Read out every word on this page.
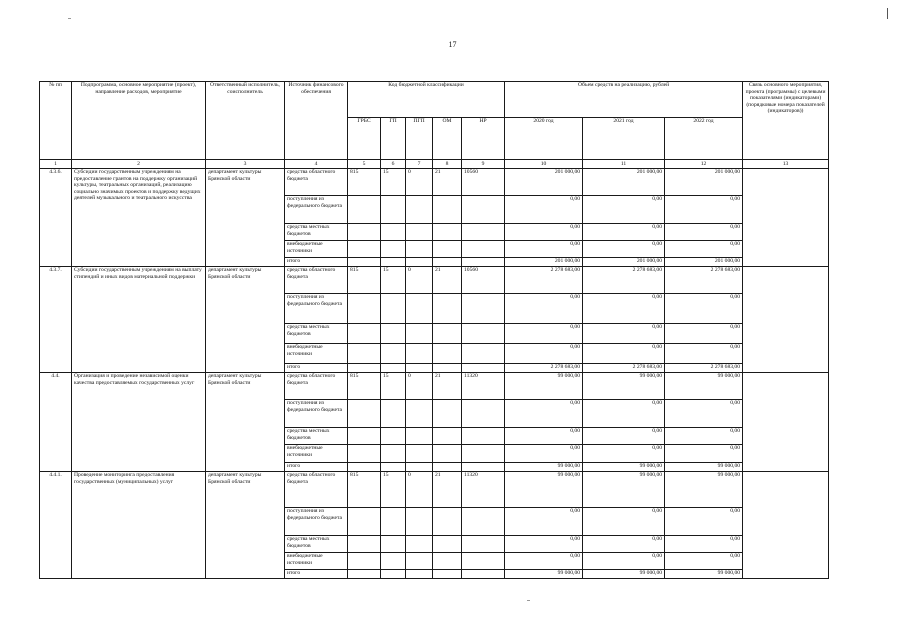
17
№ пп	Подпрограмма, основное мероприятие (проект), направление расходов, мероприятие	Ответственный исполнитель, соисполнитель	Источник финансового обеспечения	Код бюджетной классификации					Объем средств на реализацию, рублей			Связь основного мероприятия, проекта (программы) с целевыми показателями (индикаторами) (порядковые номера показателей (индикаторов))
				ГРБС	ГП	ПГП	ОМ	НР	2020 год	2021 год	2022 год	
1	2	3	4	5	6	7	8	9	10	11	12	13
4.3.6.	Субсидии государственным учреждениям на предоставление грантов на поддержку организаций культуры, театральных организаций, реализацию социально значимых проектов и поддержку ведущих деятелей музыкального и театрального искусства	департамент культуры Брянской области	средства областного бюджета	815	15	0	21	10560	201 000,00	201 000,00	201 000,00	
			поступления из федерального бюджета						0,00	0,00	0,00	
			средства местных бюджетов						0,00	0,00	0,00	
			внебюджетные источники						0,00	0,00	0,00	
			итого						201 000,00	201 000,00	201 000,00	
4.3.7.	Субсидии государственным учреждениям на выплату стипендий и иных видов материальной поддержки	департамент культуры Брянской области	средства областного бюджета	815	15	0	21	10560	2 278 683,00	2 278 683,00	2 278 683,00	
			поступления из федерального бюджета						0,00	0,00	0,00	
			средства местных бюджетов						0,00	0,00	0,00	
			внебюджетные источники						0,00	0,00	0,00	
			итого						2 278 683,00	2 278 683,00	2 278 683,00	
4.4.	Организация и проведение независимой оценки качества предоставляемых государственных услуг	департамент культуры Брянской области	средства областного бюджета	815	15	0	21	11320	99 000,00	99 000,00	99 000,00	
			поступления из федерального бюджета						0,00	0,00	0,00	
			средства местных бюджетов						0,00	0,00	0,00	
			внебюджетные источники						0,00	0,00	0,00	
			итого						99 000,00	99 000,00	99 000,00	
4.4.1.	Проведение мониторинга предоставления государственных (муниципальных) услуг	департамент культуры Брянской области	средства областного бюджета	815	15	0	21	11320	99 000,00	99 000,00	99 000,00	
			поступления из федерального бюджета						0,00	0,00	0,00	
			средства местных бюджетов						0,00	0,00	0,00	
			внебюджетные источники						0,00	0,00	0,00	
			итого						99 000,00	99 000,00	99 000,00	
